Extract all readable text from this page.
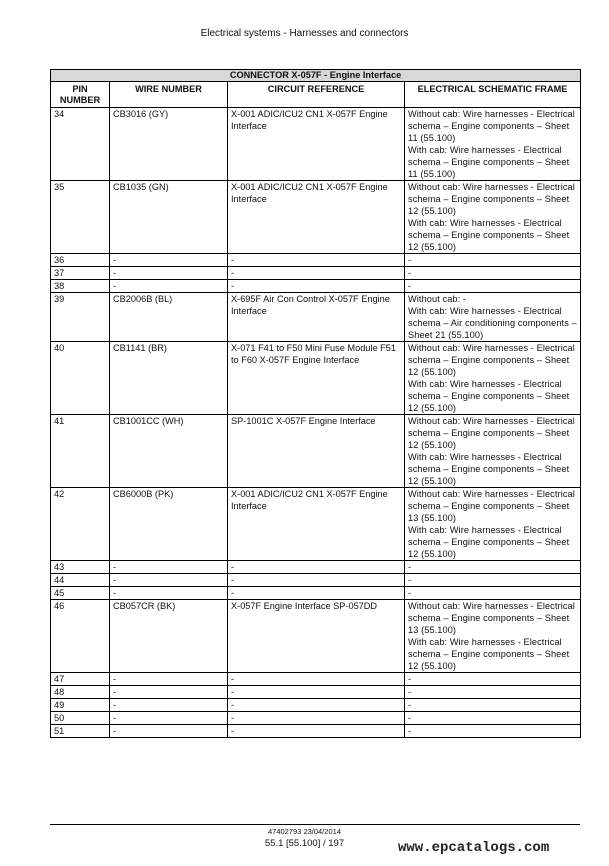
Electrical systems - Harnesses and connectors
CONNECTOR X-057F - Engine Interface			
PIN
NUMBER	WIRE NUMBER	CIRCUIT REFERENCE	ELECTRICAL SCHEMATIC FRAME
34	CB3016 (GY)	X-001 ADIC/ICU2 CN1 X-057F Engine Interface	Without cab: Wire harnesses - Electrical schema – Engine components – Sheet 11 (55.100)
With cab: Wire harnesses - Electrical schema – Engine components – Sheet 11 (55.100)

35	CB1035 (GN)	X-001 ADIC/ICU2 CN1 X-057F Engine Interface	Without cab: Wire harnesses - Electrical schema – Engine components – Sheet 12 (55.100)
With cab: Wire harnesses - Electrical schema – Engine components – Sheet 12 (55.100)

36	-	-	-

37	-	-	-

38	-	-	-

39	CB2006B (BL)	X-695F Air Con Control X-057F Engine Interface	Without cab: -
With cab: Wire harnesses - Electrical schema – Air conditioning components – Sheet 21 (55.100)

40	CB1141 (BR)	X-071 F41 to F50 Mini Fuse Module F51 to F60 X-057F Engine Interface	Without cab: Wire harnesses - Electrical schema – Engine components – Sheet 12 (55.100)
With cab: Wire harnesses - Electrical schema – Engine components – Sheet 12 (55.100)

41	CB1001CC (WH)	SP-1001C X-057F Engine Interface	Without cab: Wire harnesses - Electrical schema – Engine components – Sheet 12 (55.100)
With cab: Wire harnesses - Electrical schema – Engine components – Sheet 12 (55.100)

42	CB6000B (PK)	X-001 ADIC/ICU2 CN1 X-057F Engine Interface	Without cab: Wire harnesses - Electrical schema – Engine components – Sheet 13 (55.100)
With cab: Wire harnesses - Electrical schema – Engine components – Sheet 12 (55.100)

43	-	-	-

44	-	-	-

45	-	-	-

46	CB057CR (BK)	X-057F Engine Interface SP-057DD	Without cab: Wire harnesses - Electrical schema – Engine components – Sheet 13 (55.100)
With cab: Wire harnesses - Electrical schema – Engine components – Sheet 12 (55.100)

47	-	-	-

48	-	-	-

49	-	-	-

50	-	-	-

51	-	-	-
47402793 23/04/2014
55.1 [55.100] / 197	www.epcatalogs.com
